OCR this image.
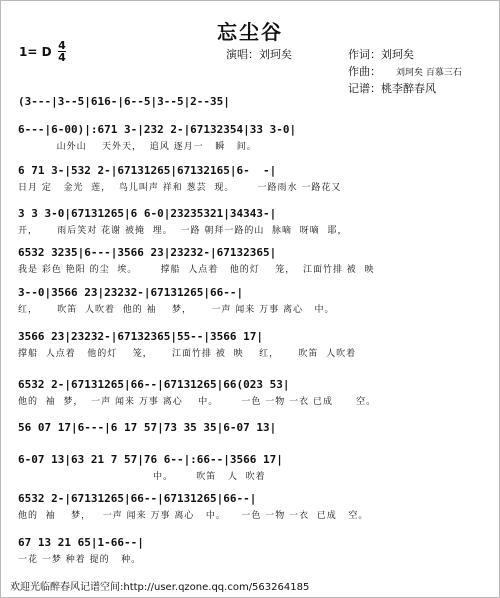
忘尘谷
1= D 4
4	演唱：刘珂矣	作词：刘珂矣
作曲： 刘珂矣 百慕三石
记谱：桃李醉春风
(3---|3--5|616-|6--5|3--5|2--35|
6---|6-00)|:671 3-|232 2-|67132354|33 3-0|
山外山    天外天，  追风 逐月一   瞬   间。
6 71 3-|532 2-|67131265|67132165|6-  -|
日月 定   金光  莲，  鸟儿叫声 祥和 葱芸  现。      一路雨水 一路花又
3 3 3-0|67131265|6 6-0|23235321|34343-|
开，     雨后笑对 花谢 被掩  埋。  一路 朝拜一路的山  脉嘀  呀嘀  耶，
6532 3235|6---|3566 23|23232-|67132365|
我是 彩色 艳阳 的尘  埃。      撑船  人点着   他的灯    笼，  江面竹排 被  映
3--0|3566 23|23232-|67131265|66--|
红，     吹笛  人吹着  他的 袖    梦，     一声 闻来 万事 离心   中。
3566 23|23232-|67132365|55--|3566 17|
撑船  人点着   他的灯    笼，     江面竹排 被  映    红，     吹笛  人吹着
6532 2-|67131265|66--|67131265|66(023 53|
他的  袖  梦，  一声 闻来 万事 离心    中。      一色 一物 一衣 已成      空。
56 07 17|6---|6 17 57|73 35 35|6-07 13|
6-07 13|63 21 7 57|76 6--|:66--|3566 17|
中。      吹笛   人  吹着
6532 2-|67131265|66--|67131265|66--|
他的  袖    梦，   一声 闻来 万事 离心   中。    一色 一物 一衣  已成   空。
67 13 21 65|1-66--|
一花 一梦 种着 提的   种。
欢迎光临醉春风记谱空间:http://user.qzone.qq.com/563264185
